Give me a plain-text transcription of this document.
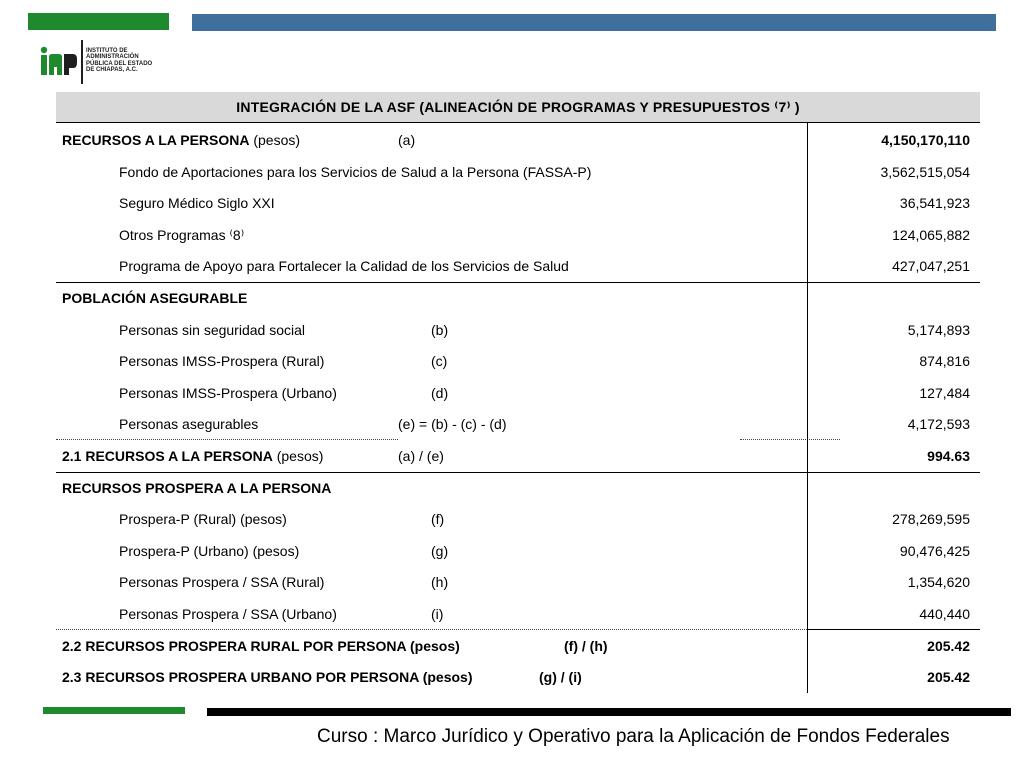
INSTITUTO DE
ADMINISTRACIÓN
PÚBLICA DEL ESTADO
DE CHIAPAS, A.C.
INTEGRACIÓN DE LA ASF (ALINEACIÓN DE PROGRAMAS Y PRESUPUESTOS ⁽7⁾ )
RECURSOS A LA PERSONA (pesos)	(a)	4,150,170,110
Fondo de Aportaciones para los Servicios de Salud a la Persona (FASSA-P)	3,562,515,054
Seguro Médico Siglo XXI	36,541,923
Otros Programas ⁽8⁾	124,065,882
Programa de Apoyo para Fortalecer la Calidad de los Servicios de Salud	427,047,251
POBLACIÓN ASEGURABLE
Personas sin seguridad social	(b)	5,174,893
Personas IMSS-Prospera (Rural)	(c)	874,816
Personas IMSS-Prospera (Urbano)	(d)	127,484
Personas asegurables	(e) = (b) - (c) - (d)	4,172,593
2.1 RECURSOS A LA PERSONA (pesos)	(a) / (e)	994.63
RECURSOS PROSPERA A LA PERSONA
Prospera-P (Rural) (pesos)	(f)	278,269,595
Prospera-P (Urbano) (pesos)	(g)	90,476,425
Personas Prospera / SSA (Rural)	(h)	1,354,620
Personas Prospera / SSA (Urbano)	(i)	440,440
2.2 RECURSOS PROSPERA RURAL POR PERSONA (pesos)	(f) / (h)	205.42
2.3 RECURSOS PROSPERA URBANO POR PERSONA (pesos)	(g) / (i)	205.42
Curso : Marco Jurídico y Operativo para la Aplicación de Fondos Federales
